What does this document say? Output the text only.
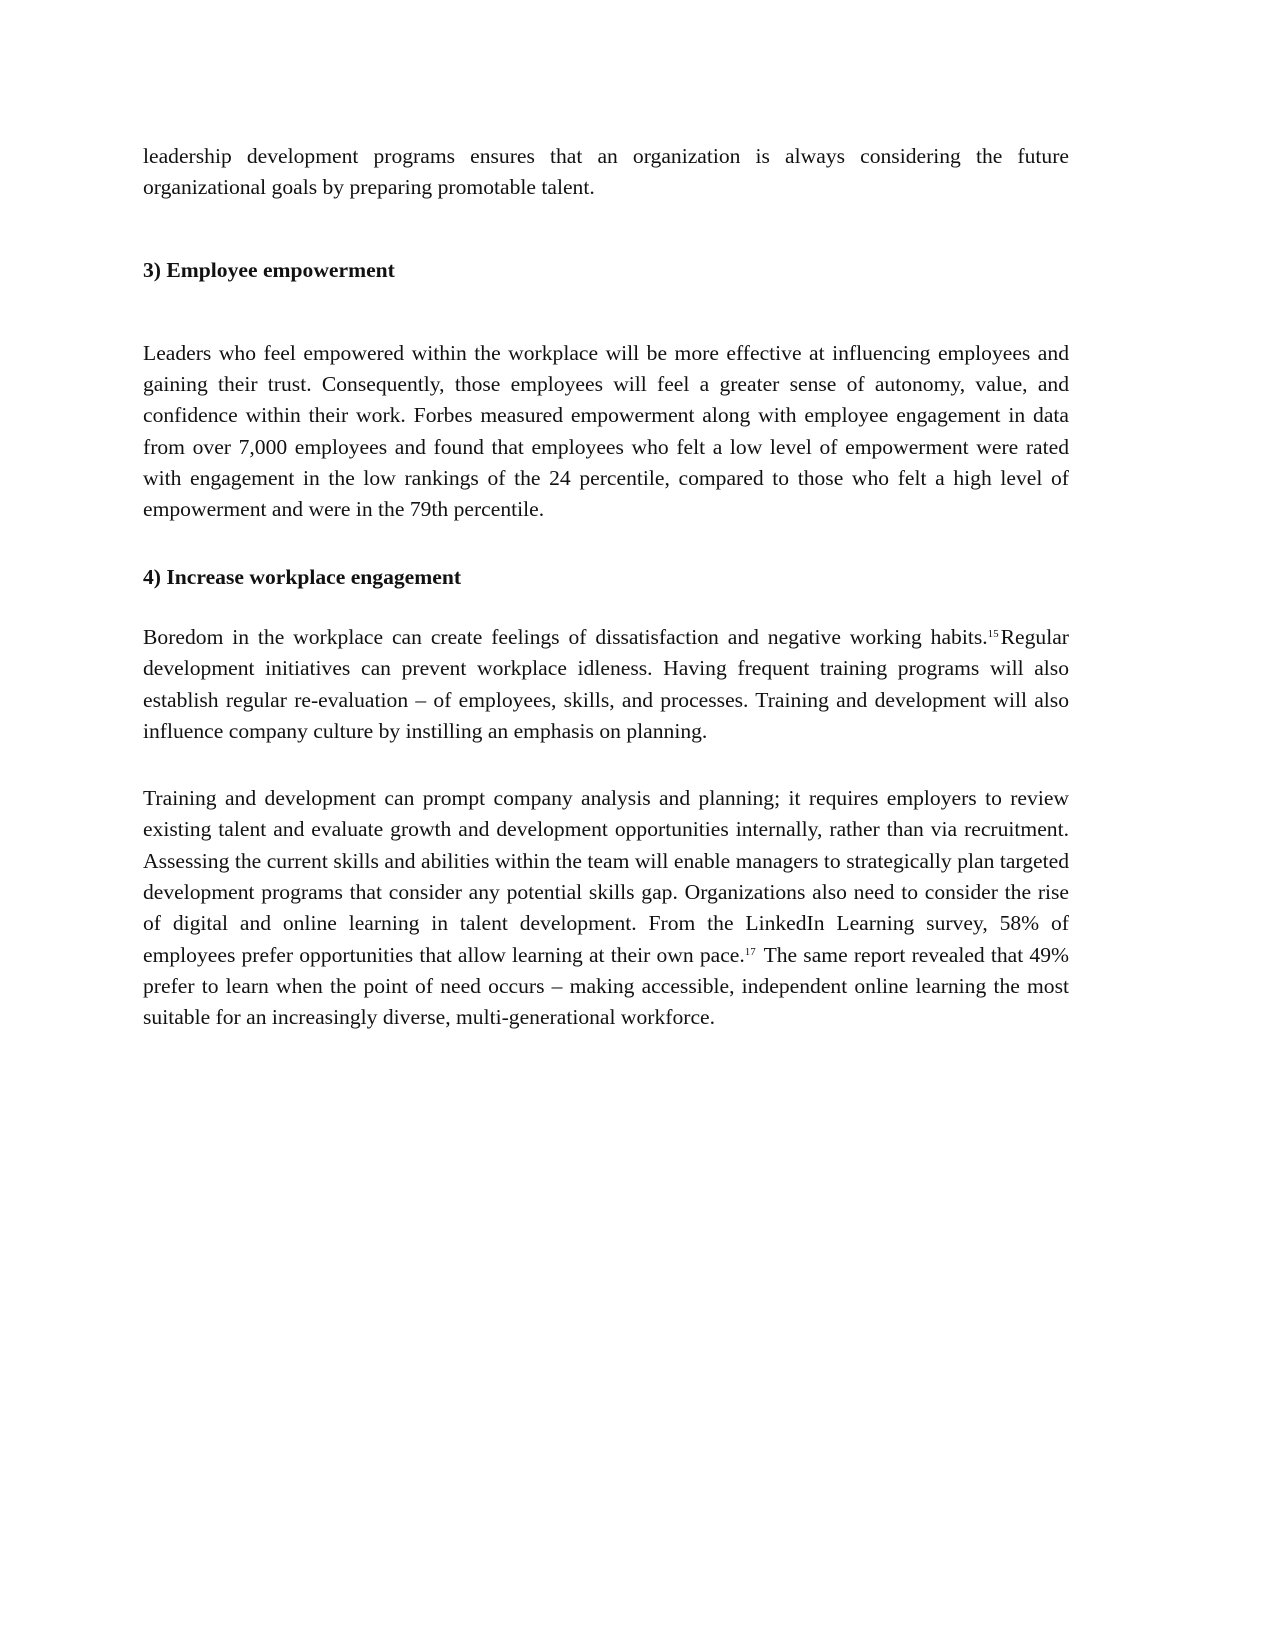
leadership development programs ensures that an organization is always considering the future organizational goals by preparing promotable talent.

3) Employee empowerment

Leaders who feel empowered within the workplace will be more effective at influencing employees and gaining their trust. Consequently, those employees will feel a greater sense of autonomy, value, and confidence within their work. Forbes measured empowerment along with employee engagement in data from over 7,000 employees and found that employees who felt a low level of empowerment were rated with engagement in the low rankings of the 24 percentile, compared to those who felt a high level of empowerment and were in the 79th percentile.

4) Increase workplace engagement

Boredom in the workplace can create feelings of dissatisfaction and negative working habits.$^{15}$Regular development initiatives can prevent workplace idleness. Having frequent training programs will also establish regular re-evaluation – of employees, skills, and processes. Training and development will also influence company culture by instilling an emphasis on planning.

Training and development can prompt company analysis and planning; it requires employers to review existing talent and evaluate growth and development opportunities internally, rather than via recruitment. Assessing the current skills and abilities within the team will enable managers to strategically plan targeted development programs that consider any potential skills gap. Organizations also need to consider the rise of digital and online learning in talent development. From the LinkedIn Learning survey, 58% of employees prefer opportunities that allow learning at their own pace.$^{17}$ The same report revealed that 49% prefer to learn when the point of need occurs – making accessible, independent online learning the most suitable for an increasingly diverse, multi-generational workforce.
